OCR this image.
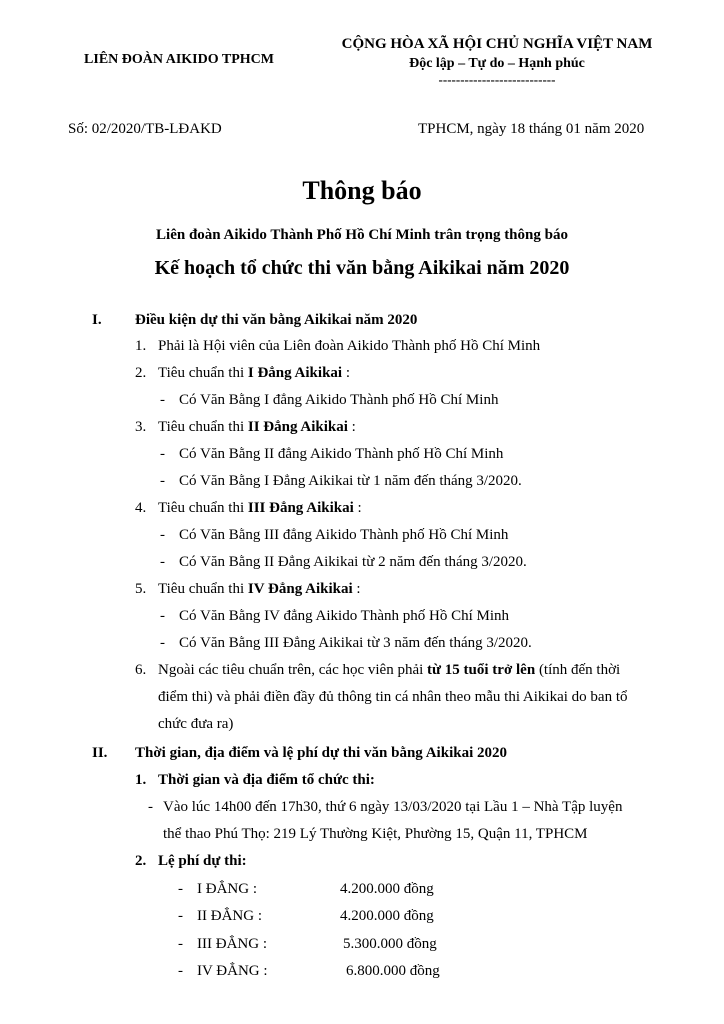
LIÊN ĐOÀN AIKIDO TPHCM
CỘNG HÒA XÃ HỘI CHỦ NGHĨA VIỆT NAM
Độc lập – Tự do – Hạnh phúc
---------------------------
Số: 02/2020/TB-LĐAKD	TPHCM, ngày 18 tháng 01 năm 2020
Thông báo
Liên đoàn Aikido Thành Phố Hồ Chí Minh trân trọng thông báo
Kế hoạch tổ chức thi văn bằng Aikikai năm 2020
I. Điều kiện dự thi văn bằng Aikikai năm 2020
1. Phải là Hội viên của Liên đoàn Aikido Thành phố Hồ Chí Minh
2. Tiêu chuẩn thi I Đẳng Aikikai :
- Có Văn Bằng I đẳng Aikido Thành phố Hồ Chí Minh
3. Tiêu chuẩn thi II Đẳng Aikikai :
- Có Văn Bằng II đẳng Aikido Thành phố Hồ Chí Minh
- Có Văn Bằng I Đẳng Aikikai từ 1 năm đến tháng 3/2020.
4. Tiêu chuẩn thi III Đẳng Aikikai :
- Có Văn Bằng III đẳng Aikido Thành phố Hồ Chí Minh
- Có Văn Bằng II Đẳng Aikikai từ 2 năm đến tháng 3/2020.
5. Tiêu chuẩn thi IV Đẳng Aikikai :
- Có Văn Bằng IV đẳng Aikido Thành phố Hồ Chí Minh
- Có Văn Bằng III Đẳng Aikikai từ 3 năm đến tháng 3/2020.
6. Ngoài các tiêu chuẩn trên, các học viên phải từ 15 tuổi trở lên (tính đến thời
điểm thi) và phải điền đầy đủ thông tin cá nhân theo mẫu thi Aikikai do ban tổ
chức đưa ra)
II. Thời gian, địa điểm và lệ phí dự thi văn bằng Aikikai 2020
1. Thời gian và địa điểm tổ chức thi:
- Vào lúc 14h00 đến 17h30, thứ 6 ngày 13/03/2020 tại Lầu 1 – Nhà Tập luyện
thể thao Phú Thọ: 219 Lý Thường Kiệt, Phường 15, Quận 11, TPHCM
2. Lệ phí dự thi:
- I ĐẲNG :	4.200.000 đồng
- II ĐẲNG :	4.200.000 đồng
- III ĐẲNG :	5.300.000 đồng
- IV ĐẲNG :	6.800.000 đồng
